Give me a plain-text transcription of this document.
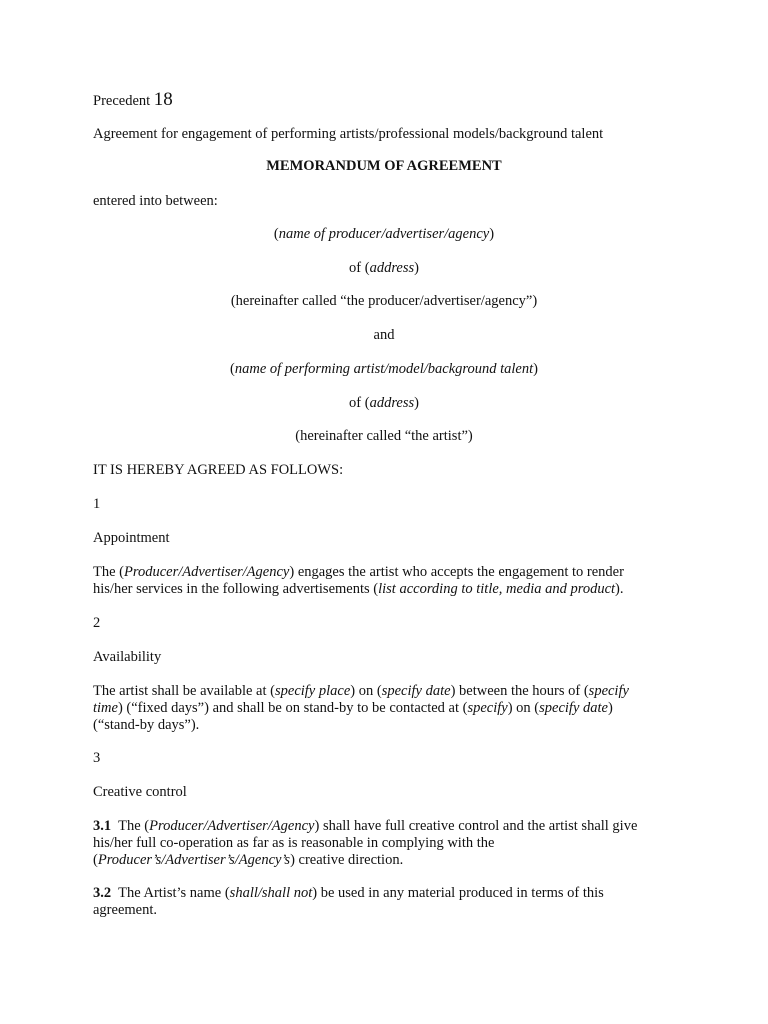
Precedent 18
Agreement for engagement of performing artists/professional models/background talent
MEMORANDUM OF AGREEMENT
entered into between:
(name of producer/advertiser/agency)
of (address)
(hereinafter called “the producer/advertiser/agency”)
and
(name of performing artist/model/background talent)
of (address)
(hereinafter called “the artist”)
IT IS HEREBY AGREED AS FOLLOWS:
1
Appointment
The (Producer/Advertiser/Agency) engages the artist who accepts the engagement to render
his/her services in the following advertisements (list according to title, media and product).
2
Availability
The artist shall be available at (specify place) on (specify date) between the hours of (specify
time) (“fixed days”) and shall be on stand-by to be contacted at (specify) on (specify date)
(“stand-by days”).
3
Creative control
3.1  The (Producer/Advertiser/Agency) shall have full creative control and the artist shall give
his/her full co-operation as far as is reasonable in complying with the
(Producer’s/Advertiser’s/Agency’s) creative direction.
3.2  The Artist’s name (shall/shall not) be used in any material produced in terms of this
agreement.
